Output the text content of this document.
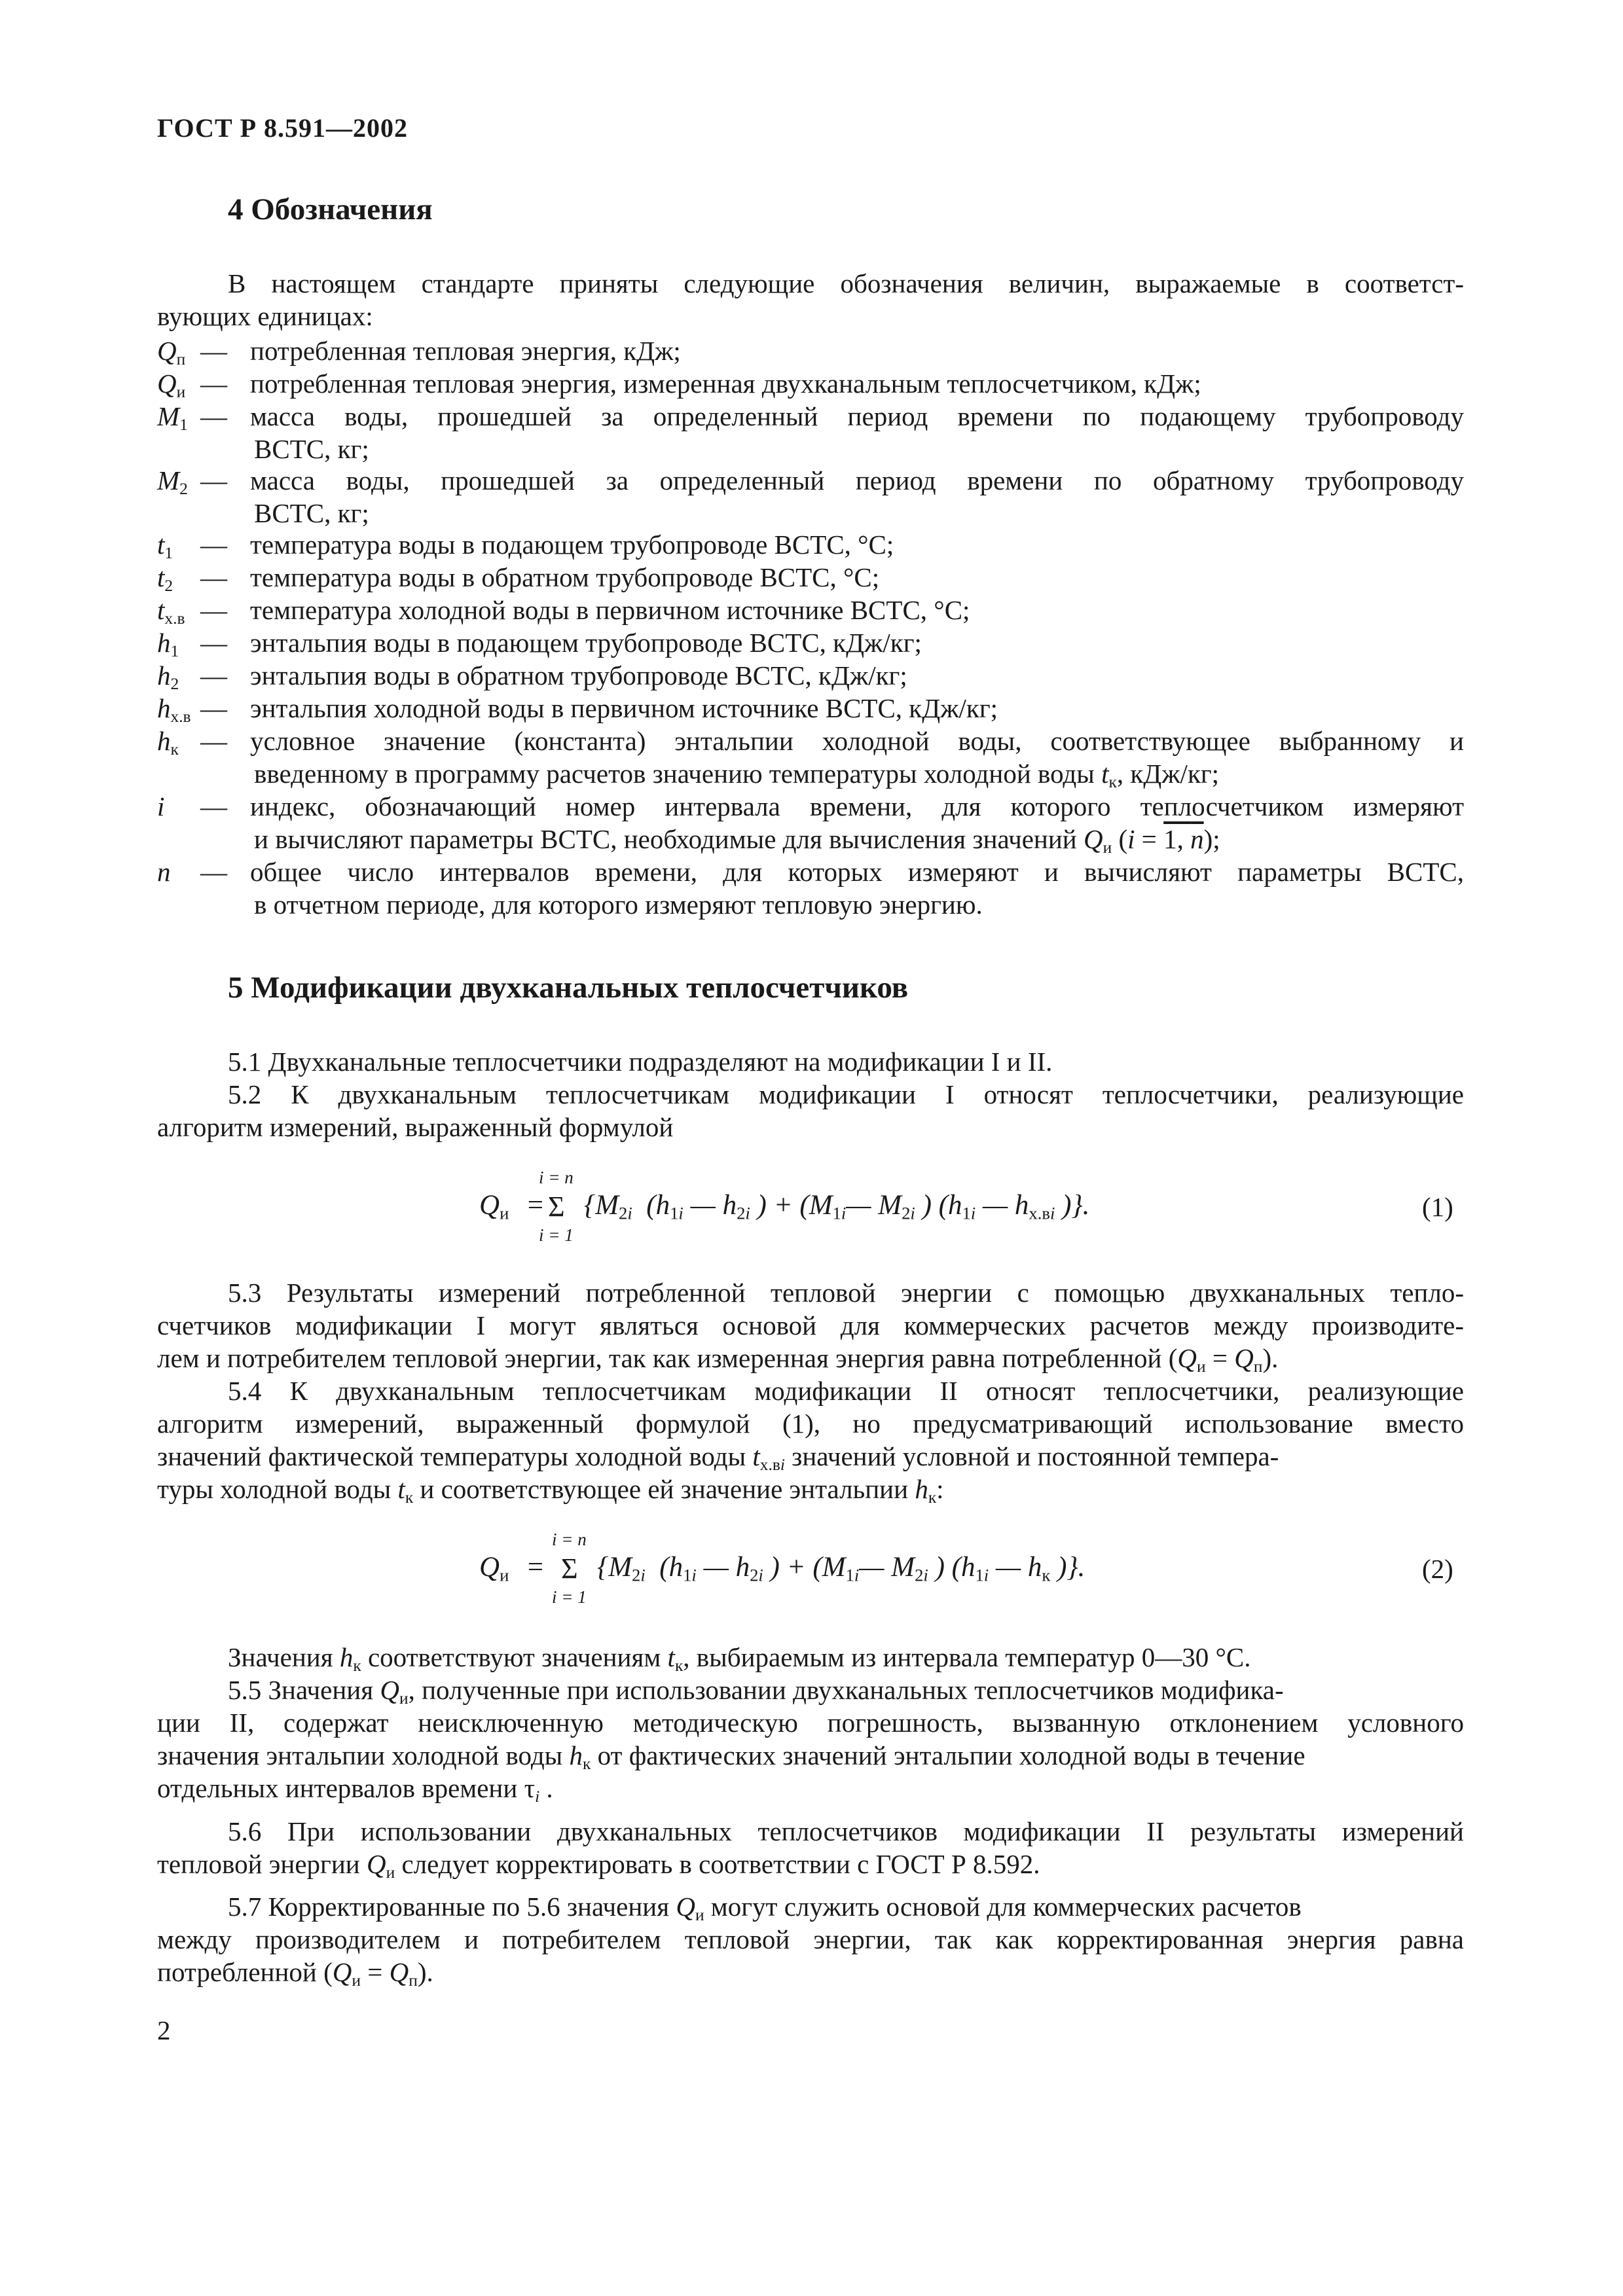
ГОСТ Р 8.591—2002
4 Обозначения
В настоящем стандарте приняты следующие обозначения величин, выражаемые в соответст-
вующих единицах:
$Q_п$ — потребленная тепловая энергия, кДж;
$Q_и$ — потребленная тепловая энергия, измеренная двухканальным теплосчетчиком, кДж;
$M_1$ — масса воды, прошедшей за определенный период времени по подающему трубопроводу
ВСТС, кг;
$M_2$ — масса воды, прошедшей за определенный период времени по обратному трубопроводу
ВСТС, кг;
$t_1$ — температура воды в подающем трубопроводе ВСТС, °С;
$t_2$ — температура воды в обратном трубопроводе ВСТС, °С;
$t_{х.в}$ — температура холодной воды в первичном источнике ВСТС, °С;
$h_1$ — энтальпия воды в подающем трубопроводе ВСТС, кДж/кг;
$h_2$ — энтальпия воды в обратном трубопроводе ВСТС, кДж/кг;
$h_{х.в}$ — энтальпия холодной воды в первичном источнике ВСТС, кДж/кг;
$h_к$ — условное значение (константа) энтальпии холодной воды, соответствующее выбранному и
введенному в программу расчетов значению температуры холодной воды $t_к$, кДж/кг;
i — индекс, обозначающий номер интервала времени, для которого теплосчетчиком измеряют
и вычисляют параметры ВСТС, необходимые для вычисления значений $Q_и$ (i = 1, n);
n — общее число интервалов времени, для которых измеряют и вычисляют параметры ВСТС,
в отчетном периоде, для которого измеряют тепловую энергию.
5 Модификации двухканальных теплосчетчиков
5.1 Двухканальные теплосчетчики подразделяют на модификации I и II.
5.2 К двухканальным теплосчетчикам модификации I относят теплосчетчики, реализующие
алгоритм измерений, выраженный формулой
$Q_и$ =
i = n
Σ
i = 1
{$M_{2i}$  ($h_{1i}$ — $h_{2i}$ ) + ($M_{1i}—$ $M_{2i}$ ) ($h_{1i}$ — $h_{х.вi}$ )}.	(1)
5.3 Результаты измерений потребленной тепловой энергии с помощью двухканальных тепло-
счетчиков модификации I могут являться основой для коммерческих расчетов между производите-
лем и потребителем тепловой энергии, так как измеренная энергия равна потребленной $(Q_и = Q_п)$.
5.4 К двухканальным теплосчетчикам модификации II относят теплосчетчики, реализующие
алгоритм измерений, выраженный формулой (1), но предусматривающий использование вместо
значений фактической температуры холодной воды $t_{х.вi}$ значений условной и постоянной темпера-
туры холодной воды $t_к$ и соответствующее ей значение энтальпии $h_к$:
$Q_и$ =
i = n
Σ
i = 1
{$M_{2i}$  ($h_{1i}$ — $h_{2i}$ ) + ($M_{1i}—$ $M_{2i}$ ) ($h_{1i}$ — $h_к$ )}.	(2)
Значения $h_к$ соответствуют значениям $t_к$, выбираемым из интервала температур 0—30 °С.
5.5 Значения $Q_и$, полученные при использовании двухканальных теплосчетчиков модифика-
ции II, содержат неисключенную методическую погрешность, вызванную отклонением условного
значения энтальпии холодной воды $h_к$ от фактических значений энтальпии холодной воды в течение
отдельных интервалов времени $\tau_i$ .
5.6 При использовании двухканальных теплосчетчиков модификации II результаты измерений
тепловой энергии $Q_и$ следует корректировать в соответствии с ГОСТ Р 8.592.
5.7 Корректированные по 5.6 значения $Q_и$ могут служить основой для коммерческих расчетов
между производителем и потребителем тепловой энергии, так как корректированная энергия равна
потребленной $(Q_и = Q_п)$.
2
